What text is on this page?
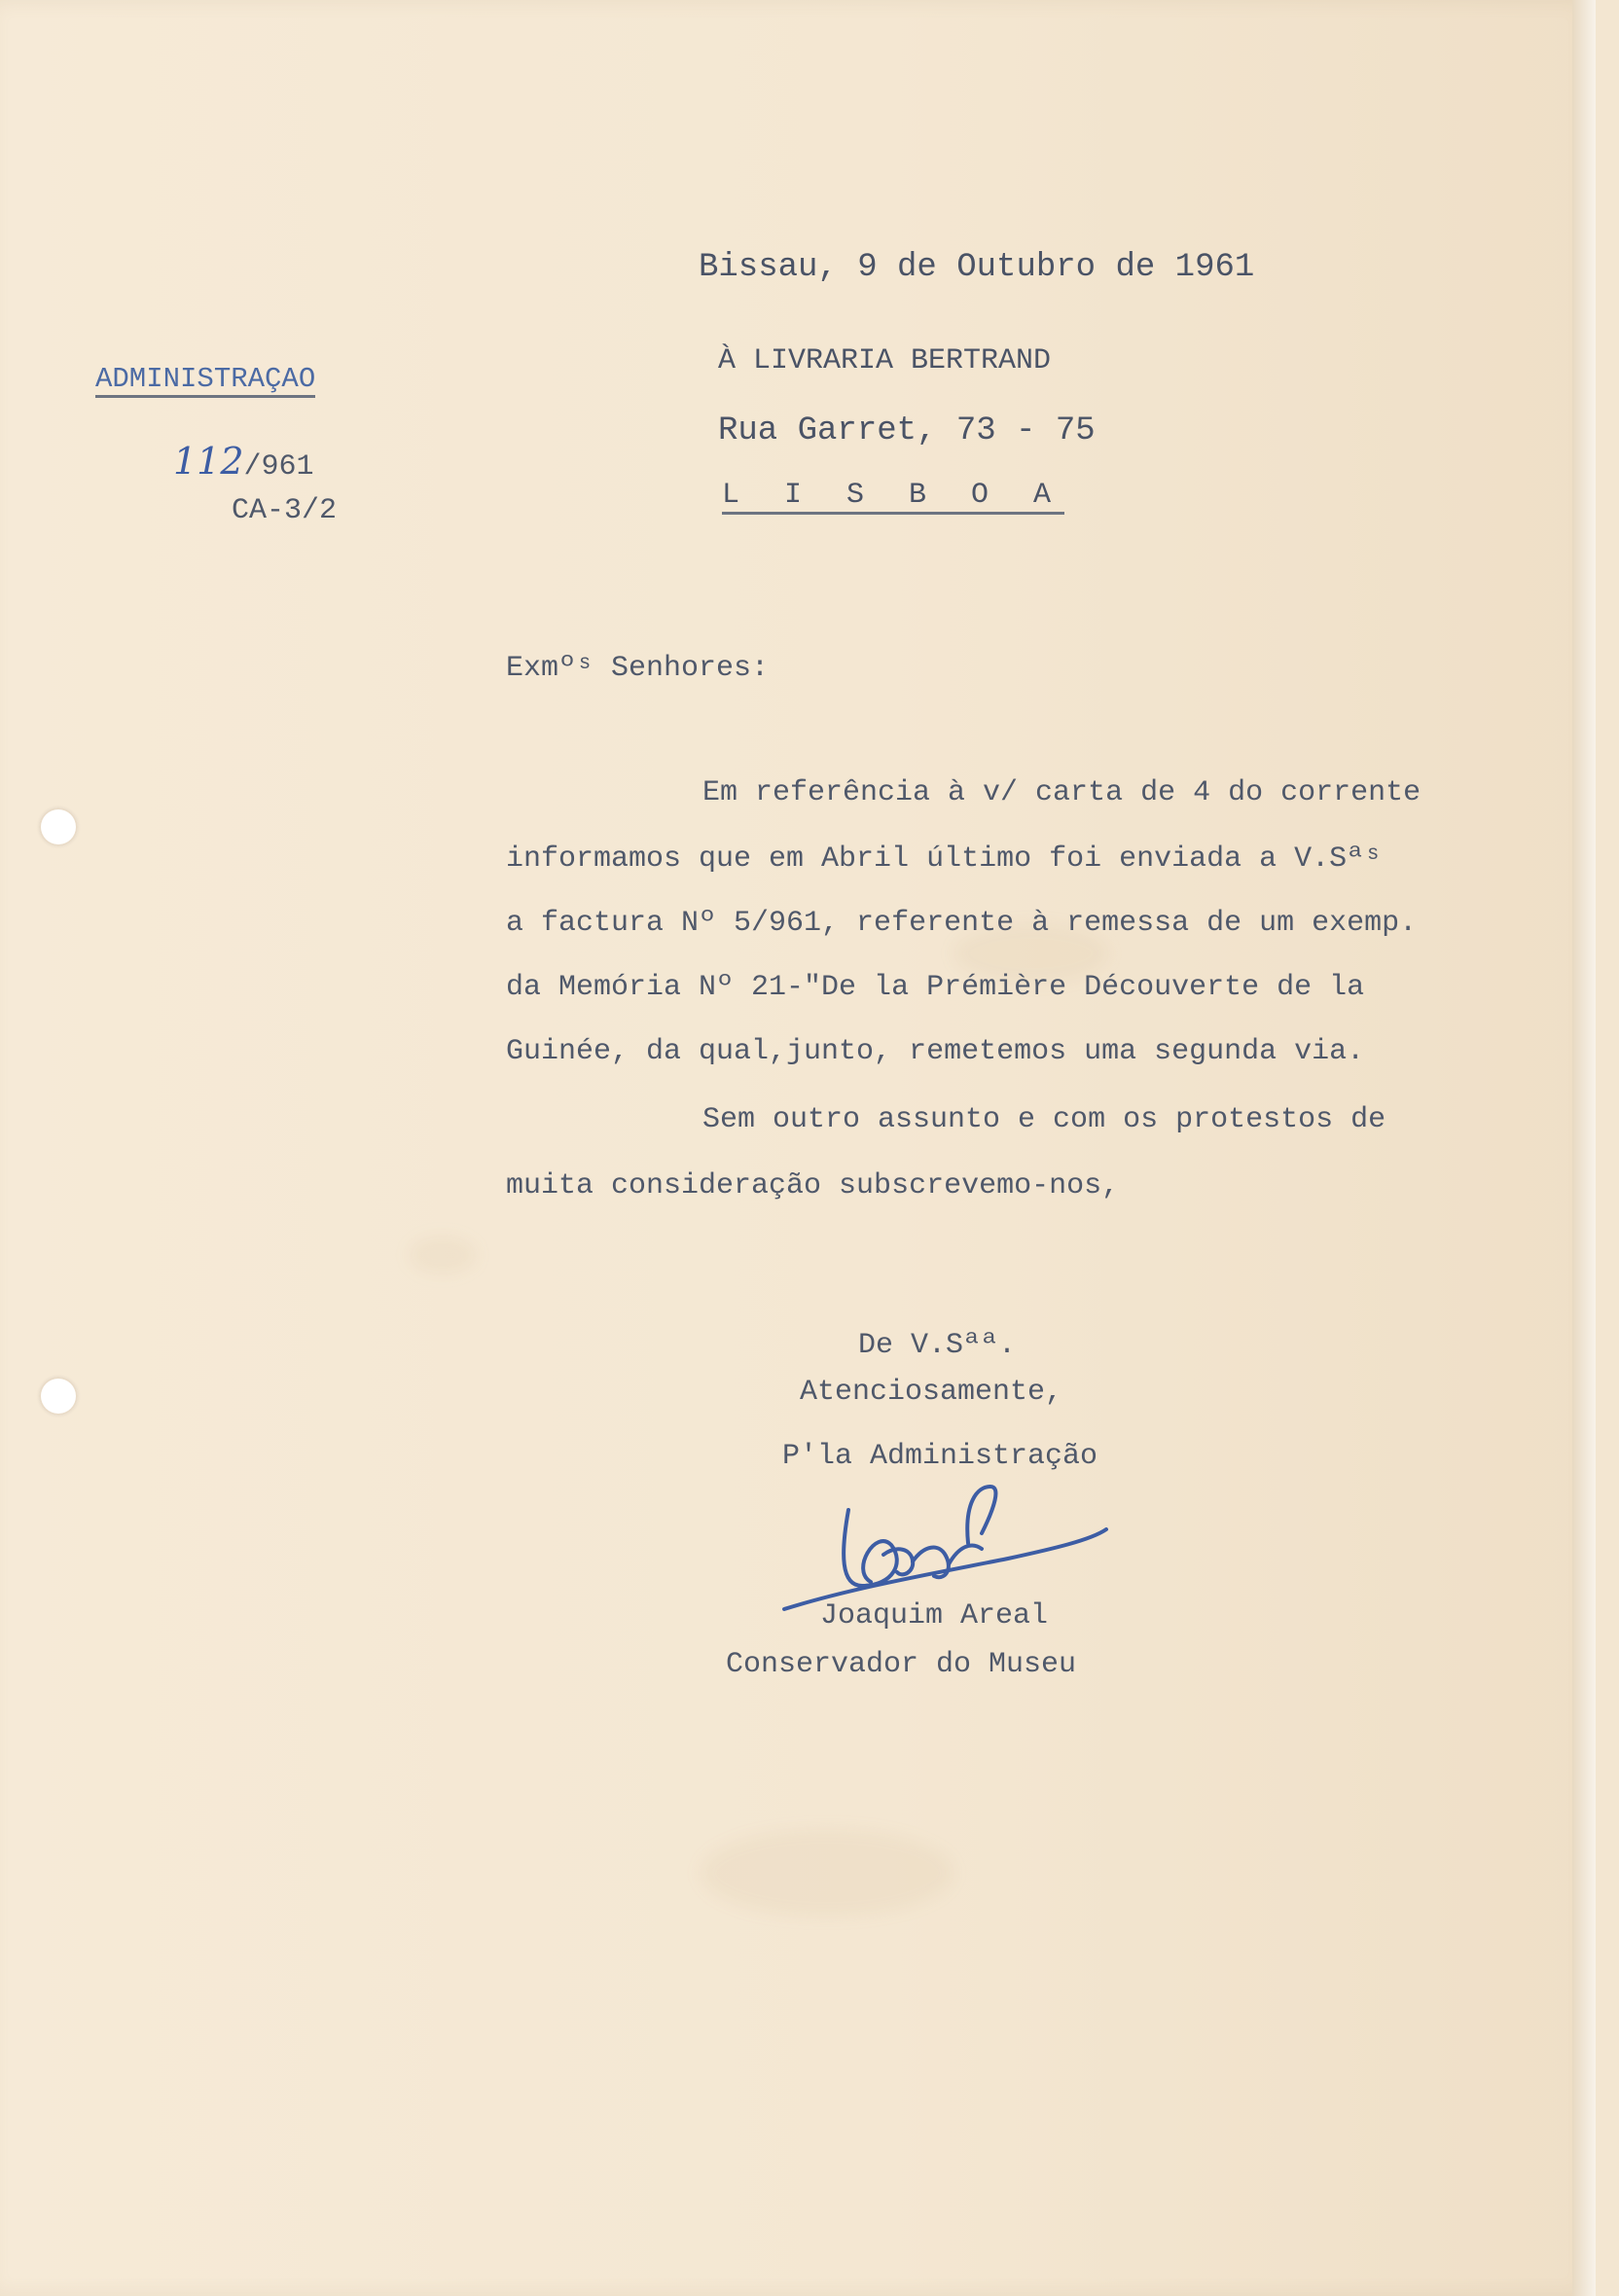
Bissau, 9 de Outubro de 1961
ADMINISTRAÇAO
112/961
CA-3/2
À LIVRARIA BERTRAND
Rua Garret, 73 - 75
L I S B O A
Exmºˢ Senhores:
Em referência à v/ carta de 4 do corrente
informamos que em Abril último foi enviada a V.Sªˢ
a factura Nº 5/961, referente à remessa de um exemp.
da Memória Nº 21-"De la Prémière Découverte de la
Guinée, da qual,junto, remetemos uma segunda via.
Sem outro assunto e com os protestos de
muita consideração subscrevemo-nos,
De V.Sªª.
Atenciosamente,
P'la Administração
Joaquim Areal
Conservador do Museu
